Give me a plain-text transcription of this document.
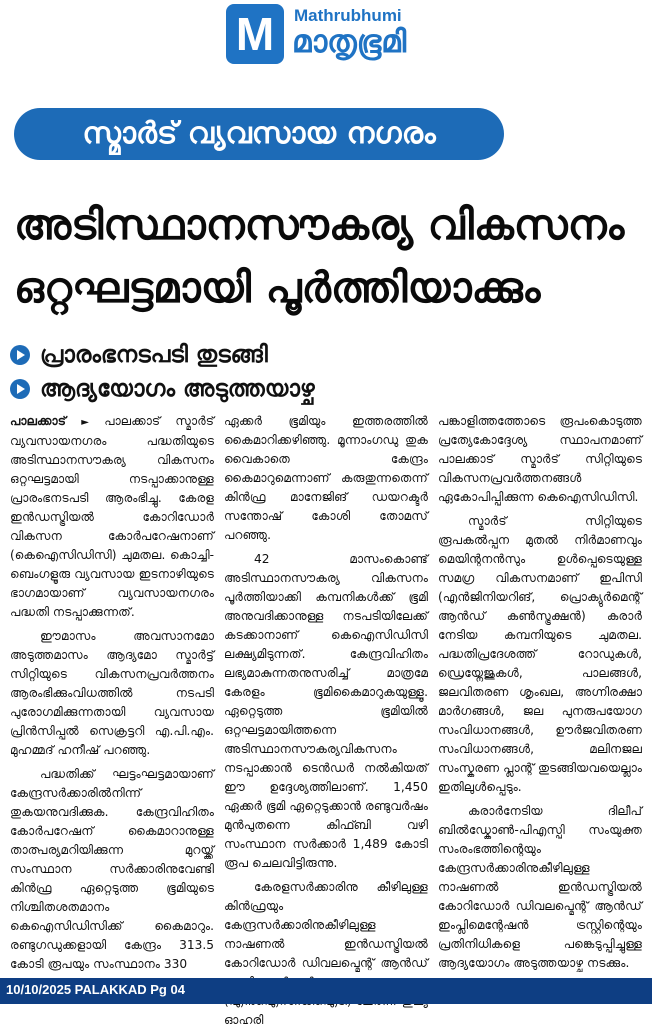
M	Mathrubhumi
മാതൃഭൂമി
സ്മാർട് വ്യവസായ നഗരം
അടിസ്ഥാനസൗകര്യ വികസനം
ഒറ്റഘട്ടമായി പൂർത്തിയാക്കും
പ്രാരംഭനടപടി തുടങ്ങി
ആദ്യയോഗം അടുത്തയാഴ്ച

പാലക്കാട് ► പാലക്കാട് സ്മാർട് വ്യവസായനഗരം പദ്ധതിയുടെ അടിസ്ഥാനസൗകര്യ വികസനം ഒറ്റഘട്ടമായി നടപ്പാക്കാനുള്ള പ്രാരംഭനടപടി ആരംഭിച്ചു. കേരള ഇൻഡസ്ട്രിയൽ കോറിഡോർ വികസന കോർപറേഷനാണ് (കെഐസിഡിസി) ചുമതല. കൊച്ചി-ബെംഗളൂരു വ്യവസായ ഇടനാഴിയുടെ ഭാഗമായാണ് വ്യവസായനഗരം പദ്ധതി നടപ്പാക്കുന്നത്.

ഈമാസം അവസാനമോ അടുത്തമാസം ആദ്യമോ സ്മാർട്ട് സിറ്റിയുടെ വികസനപ്രവർത്തനം ആരംഭിക്കുംവിധത്തിൽ നടപടി പുരോഗമിക്കുന്നതായി വ്യവസായ പ്രിൻസിപ്പൽ സെക്രട്ടറി എ.പി.എം. മുഹമ്മദ് ഹനീഷ് പറഞ്ഞു.

പദ്ധതിക്ക് ഘട്ടംഘട്ടമായാണ് കേന്ദ്രസർക്കാരിൽനിന്ന് തുകയനുവദിക്കുക. കേന്ദ്രവിഹിതം കോർപറേഷന് കൈമാറാനുള്ള താത്പര്യമറിയിക്കുന്ന മുറയ്ക്ക് സംസ്ഥാന സർക്കാരിനുവേണ്ടി കിൻഫ്ര ഏറ്റെടുത്ത ഭൂമിയുടെ നിശ്ചിതശതമാനം കെഐസിഡിസിക്ക് കൈമാറും. രണ്ടുഗഡുക്കളായി കേന്ദ്രം 313.5 കോടി രൂപയും സംസ്ഥാനം 330

ഏക്കർ ഭൂമിയും ഇത്തരത്തിൽ കൈമാറിക്കഴിഞ്ഞു. മൂന്നാംഗഡു തുക വൈകാതെ കേന്ദ്രം കൈമാറുമെന്നാണ് കരുതുന്നതെന്ന് കിൻഫ്ര മാനേജിങ് ഡയറക്ടർ സന്തോഷ് കോശി തോമസ് പറഞ്ഞു.

42 മാസംകൊണ്ട് അടിസ്ഥാനസൗകര്യ വികസനം പൂർത്തിയാക്കി കമ്പനികൾക്ക് ഭൂമി അനുവദിക്കാനുള്ള നടപടിയിലേക്ക് കടക്കാനാണ് കെഐസിഡിസി ലക്ഷ്യമിടുന്നത്. കേന്ദ്രവിഹിതം ലഭ്യമാകുന്നതനുസരിച്ച് മാത്രമേ കേരളം ഭൂമികൈമാറുകയുള്ളൂ. ഏറ്റെടുത്ത ഭൂമിയിൽ ഒറ്റഘട്ടമായിത്തന്നെ അടിസ്ഥാനസൗകര്യവികസനം നടപ്പാക്കാൻ ടെൻഡർ നൽകിയത് ഈ ഉദ്ദേശ്യത്തിലാണ്. 1,450 ഏക്കർ ഭൂമി ഏറ്റെടുക്കാൻ രണ്ടുവർഷം മുൻപുതന്നെ കിഫ്ബി വഴി സംസ്ഥാന സർക്കാർ 1,489 കോടി രൂപ ചെലവിട്ടിരുന്നു.

കേരളസർക്കാരിനു കീഴിലുള്ള കിൻഫ്രയും കേന്ദ്രസർക്കാരിനുകീഴിലുള്ള നാഷണൽ ഇൻഡസ്ട്രിയൽ കോറിഡോർ ഡിവലപ്മെന്റ് ആൻഡ് ഓഹരി

പങ്കാളിത്തത്തോടെ രൂപംകൊടുത്ത പ്രത്യേകോദ്ദേശ്യ സ്ഥാപനമാണ് പാലക്കാട് സ്മാർട് സിറ്റിയുടെ വികസനപ്രവർത്തനങ്ങൾ ഏകോപിപ്പിക്കുന്ന കെഐസിഡിസി.

സ്മാർട് സിറ്റിയുടെ രൂപകൽപ്പന മുതൽ നിർമാണവും മെയിന്റനൻസും ഉൾപ്പെടെയുള്ള സമഗ്ര വികസനമാണ് ഇപിസി (എൻജിനിയറിങ്, പ്രൊക്യുർമെന്റ് ആൻഡ് കൺസ്ട്രക്ഷൻ) കരാർ നേടിയ കമ്പനിയുടെ ചുമതല. പദ്ധതിപ്രദേശത്ത് റോഡുകൾ, ഡ്രെയ്നേജുകൾ, പാലങ്ങൾ, ജലവിതരണ ശൃംഖല, അഗ്നിരക്ഷാ മാർഗങ്ങൾ, ജല പുനരുപയോഗ സംവിധാനങ്ങൾ, ഊർജവിതരണ സംവിധാനങ്ങൾ, മലിനജല സംസ്കരണ പ്ലാന്റ് തുടങ്ങിയവയെല്ലാം ഇതിലുൾപ്പെടും.

കരാർനേടിയ ദിലീപ് ബിൽഡ്കോൺ-പിഎസ്പി സംയുക്ത സംരംഭത്തിന്റെയും കേന്ദ്രസർക്കാരിനുകീഴിലുള്ള നാഷണൽ ഇൻഡസ്ട്രിയൽ കോറിഡോർ ഡിവലപ്മെന്റ് ആൻഡ് ഇംപ്ലിമെന്റേഷൻ ട്രസ്റ്റിന്റെയും പ്രതിനിധികളെ പങ്കെടുപ്പിച്ചുള്ള ആദ്യയോഗം അടുത്തയാഴ്ച നടക്കും.

10/10/2025 PALAKKAD Pg 04
